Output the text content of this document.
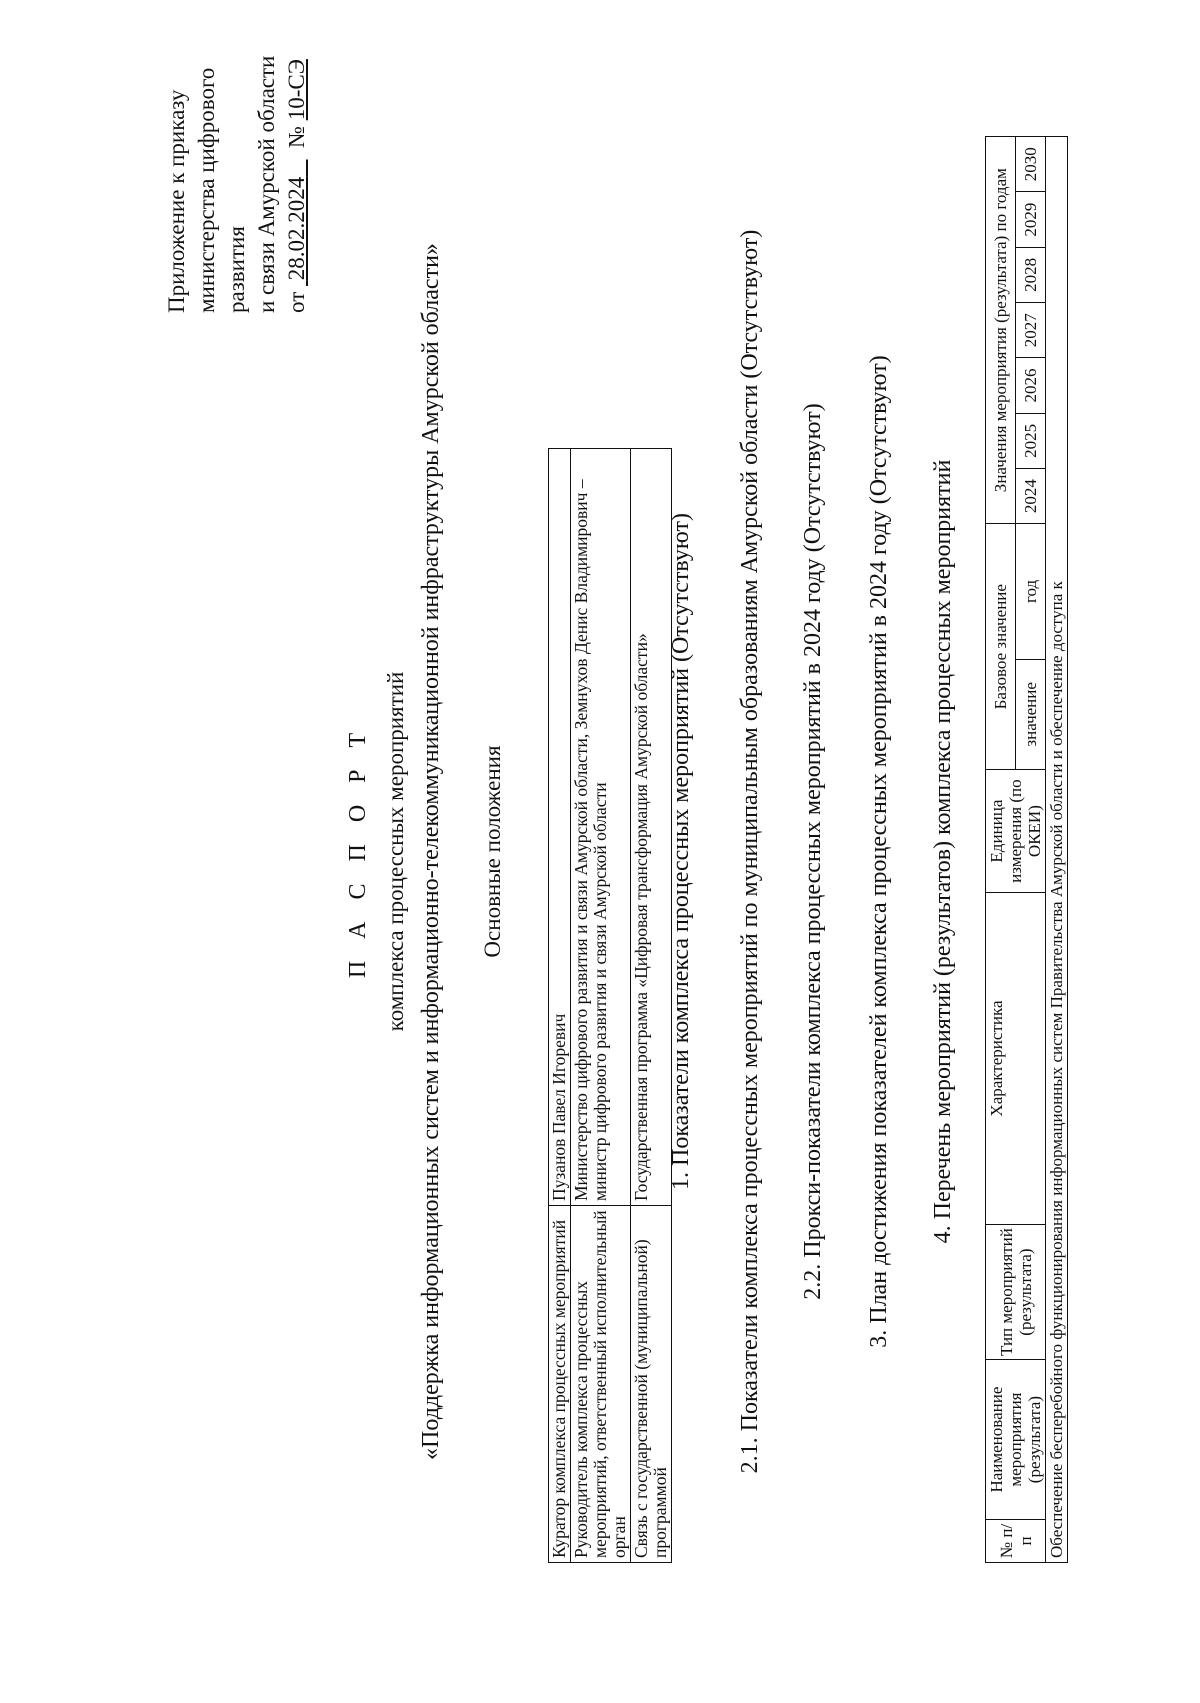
Приложение к приказу министерства цифрового развития и связи Амурской области от  28.02.2024     № 10-СЭ
П А С П О Р Т комплекса процессных мероприятий «Поддержка информационных систем и информационно-телекоммуникационной инфраструктуры Амурской области» Основные положения
Куратор комплекса процессных мероприятий	Пузанов Павел Игоревич
Руководитель комплекса процессных мероприятий, ответственный исполнительный орган	Министерство цифрового развития и связи Амурской области, Земнухов Денис Владимирович – министр цифрового развития и связи Амурской области
Связь с государственной (муниципальной) программой	Государственная программа «Цифровая трансформация Амурской области» 1. Показатели комплекса процессных мероприятий (Отсутствуют) 2.1. Показатели комплекса процессных мероприятий по муниципальным образованиям Амурской области (Отсутствуют) 2.2. Прокси-показатели комплекса процессных мероприятий в 2024 году (Отсутствуют) 3. План достижения показателей комплекса процессных мероприятий в 2024 году (Отсутствуют) 4. Перечень мероприятий (результатов) комплекса процессных мероприятий
№ п/п	Наименование мероприятия (результата)	Тип мероприятий (результата)	Характеристика	Единица измерения (по ОКЕИ)	Базовое значение		Значения мероприятия (результата) по годам						
					значение	год	2024	2025	2026	2027	2028	2029	2030
Обеспечение бесперебойного функционирования информационных систем Правительства Амурской области и обеспечение доступа к													
